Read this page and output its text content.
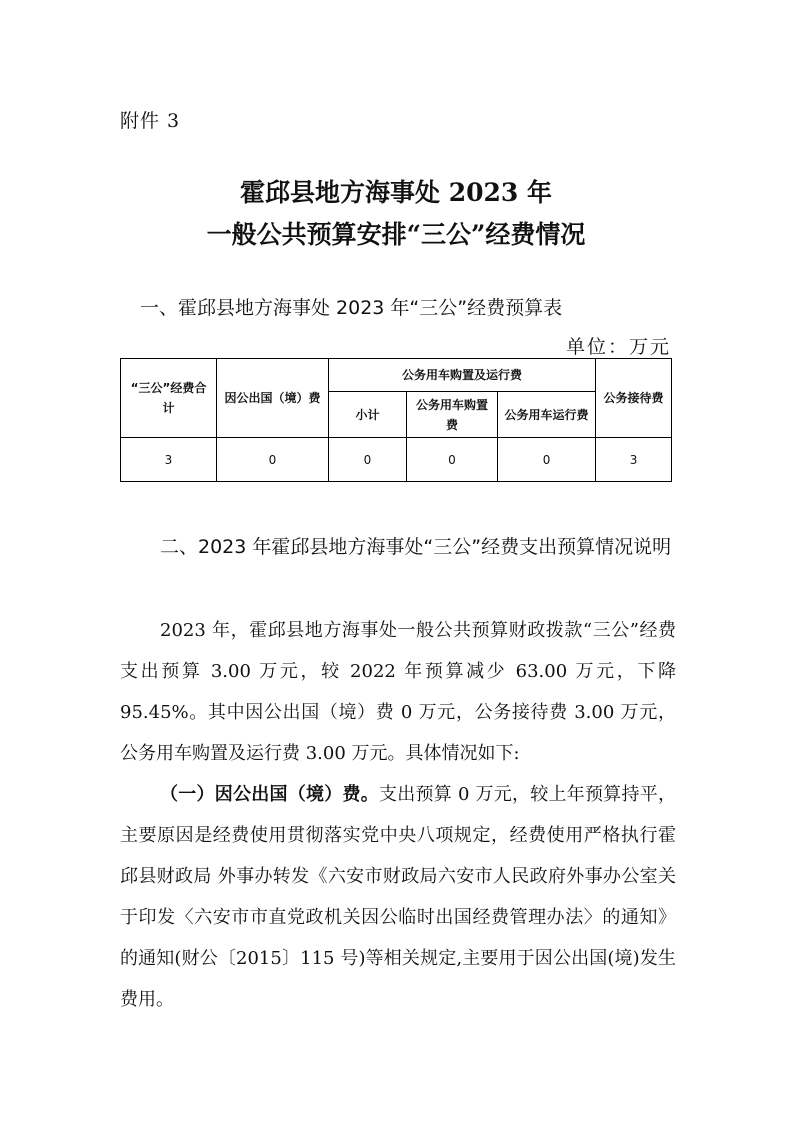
附件 3
霍邱县地方海事处 2023 年
一般公共预算安排“三公”经费情况
一、霍邱县地方海事处 2023 年“三公”经费预算表
单位：万元
“三公”经费合计	因公出国（境）费	公务用车购置及运行费			公务接待费
		小计	公务用车购置费	公务用车运行费	
3	0	0	0	0	3
二、2023 年霍邱县地方海事处“三公”经费支出预算情况说明

2023 年，霍邱县地方海事处一般公共预算财政拨款“三公”经费支出预算 3.00 万元，较 2022 年预算减少 63.00 万元，下降 95.45%。其中因公出国（境）费 0 万元，公务接待费 3.00 万元，公务用车购置及运行费 3.00 万元。具体情况如下:

（一）因公出国（境）费。支出预算 0 万元，较上年预算持平，主要原因是经费使用贯彻落实党中央八项规定，经费使用严格执行霍邱县财政局 外事办转发《六安市财政局六安市人民政府外事办公室关于印发〈六安市市直党政机关因公临时出国经费管理办法〉的通知》的通知(财公〔2015〕115 号)等相关规定,主要用于因公出国(境)发生费用。
